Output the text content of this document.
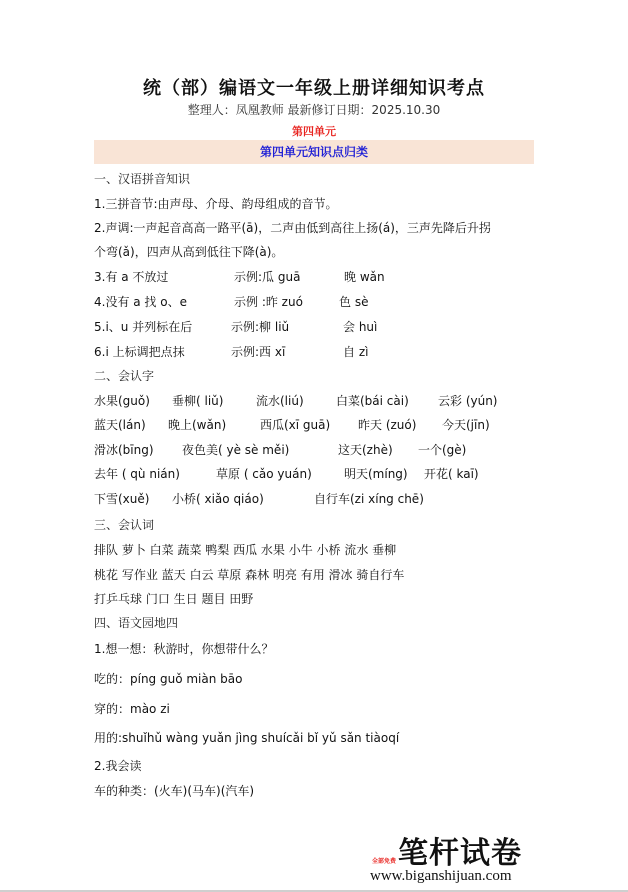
统（部）编语文一年级上册详细知识考点
整理人：凤凰教师 最新修订日期：2025.10.30
第四单元
第四单元知识点归类
一、汉语拼音知识
1.三拼音节:由声母、介母、韵母组成的音节。
2.声调:一声起音高高一路平(ā)，二声由低到高往上扬(á)，三声先降后升拐
个弯(ǎ)，四声从高到低往下降(à)。
3.有 a 不放过	示例:瓜 guā	晚 wǎn
4.没有 a 找 o、e	示例 :昨 zuó	色 sè
5.i、u 并列标在后	示例:柳 liǔ	会 huì
6.i 上标调把点抹	示例:西 xī	自 zì
二、会认字
水果(guǒ) 垂柳( liǔ)	流水(liú)	白菜(bái cài) 云彩 (yún)
蓝天(lán) 晚上(wǎn)	西瓜(xī guā) 昨天 (zuó) 今天(jīn)
滑冰(bīng) 夜色美( yè sè měi)	这天(zhè) 一个(gè)
去年 ( qù nián)	草原 ( cǎo yuán)	明天(míng) 开花( kaī)
下雪(xuě) 小桥( xiǎo qiáo)	自行车(zi xíng chē)
三、会认词
排队 萝卜 白菜 蔬菜 鸭梨 西瓜 水果 小牛 小桥 流水 垂柳
桃花 写作业 蓝天 白云 草原 森林 明亮 有用 滑冰 骑自行车
打乒乓球 门口 生日 题目 田野
四、语文园地四
1.想一想：秋游时，你想带什么？
吃的：píng guǒ miàn bāo
穿的：mào zi
用的:shuǐhǔ wàng yuǎn jìng shuícǎi bǐ yǔ sǎn tiàoqí
2.我会读
车的种类：(火车)(马车)(汽车)
笔杆试卷
全部免费
www.biganshijuan.com
